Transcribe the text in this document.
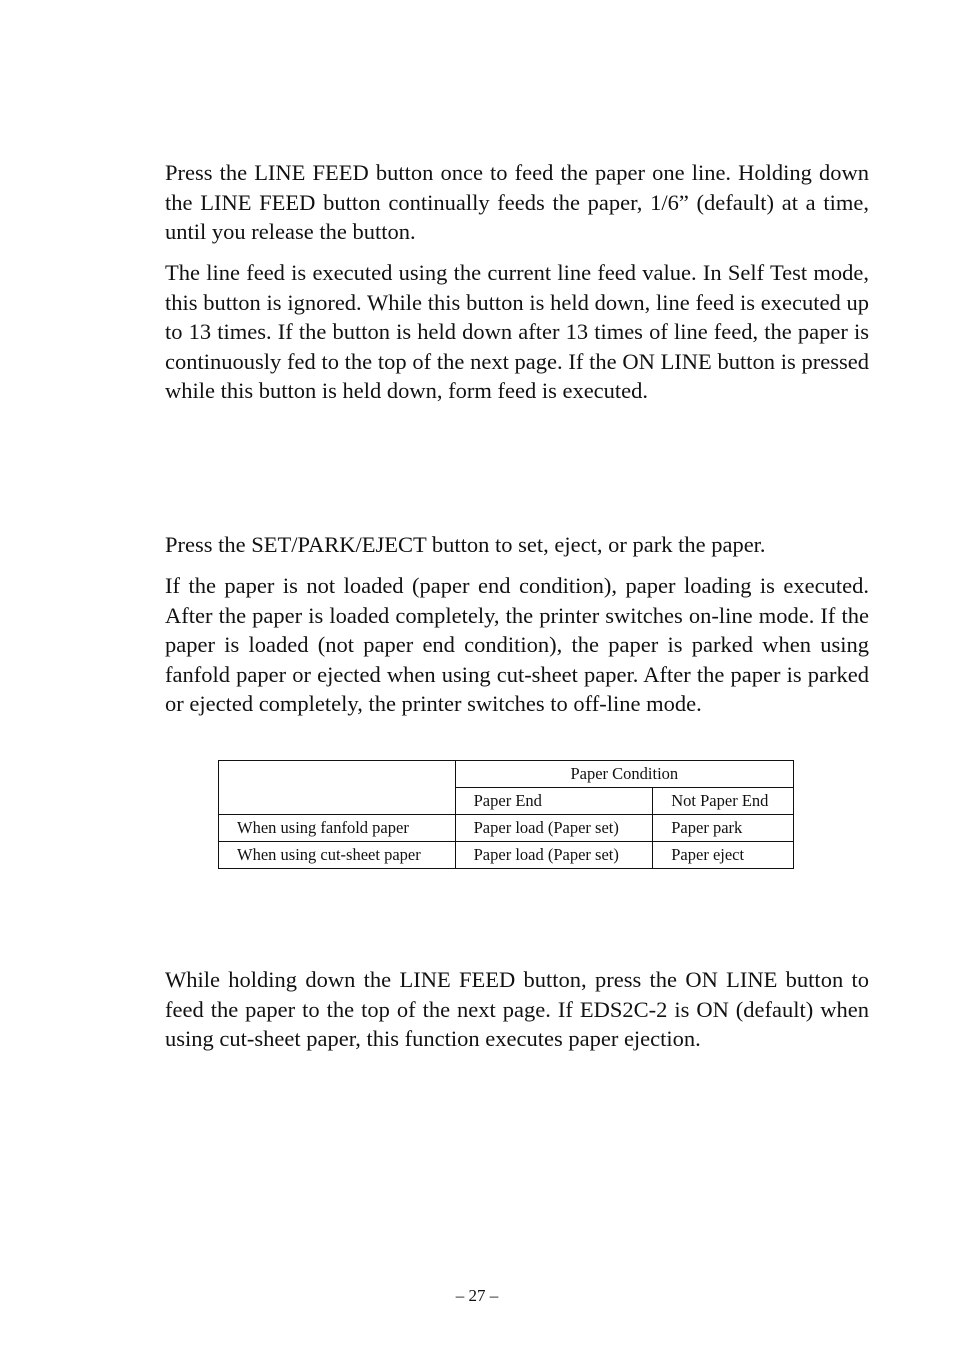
Press the LINE FEED button once to feed the paper one line. Holding down the LINE FEED button continually feeds the paper, 1/6” (default) at a time, until you release the button.

The line feed is executed using the current line feed value. In Self Test mode, this button is ignored. While this button is held down, line feed is executed up to 13 times. If the button is held down after 13 times of line feed, the paper is continuously fed to the top of the next page. If the ON LINE button is pressed while this button is held down, form feed is executed.

Press the SET/PARK/EJECT button to set, eject, or park the paper.

If the paper is not loaded (paper end condition), paper loading is executed. After the paper is loaded completely, the printer switches on-line mode. If the paper is loaded (not paper end condition), the paper is parked when using fanfold paper or ejected when using cut-sheet paper. After the paper is parked or ejected completely, the printer switches to off-line mode.

	Paper Condition	
	Paper End	Not Paper End
When using fanfold paper	Paper load (Paper set)	Paper park
When using cut-sheet paper	Paper load (Paper set)	Paper eject

While holding down the LINE FEED button, press the ON LINE button to feed the paper to the top of the next page. If EDS2C-2 is ON (default) when using cut-sheet paper, this function executes paper ejection.

– 27 –
